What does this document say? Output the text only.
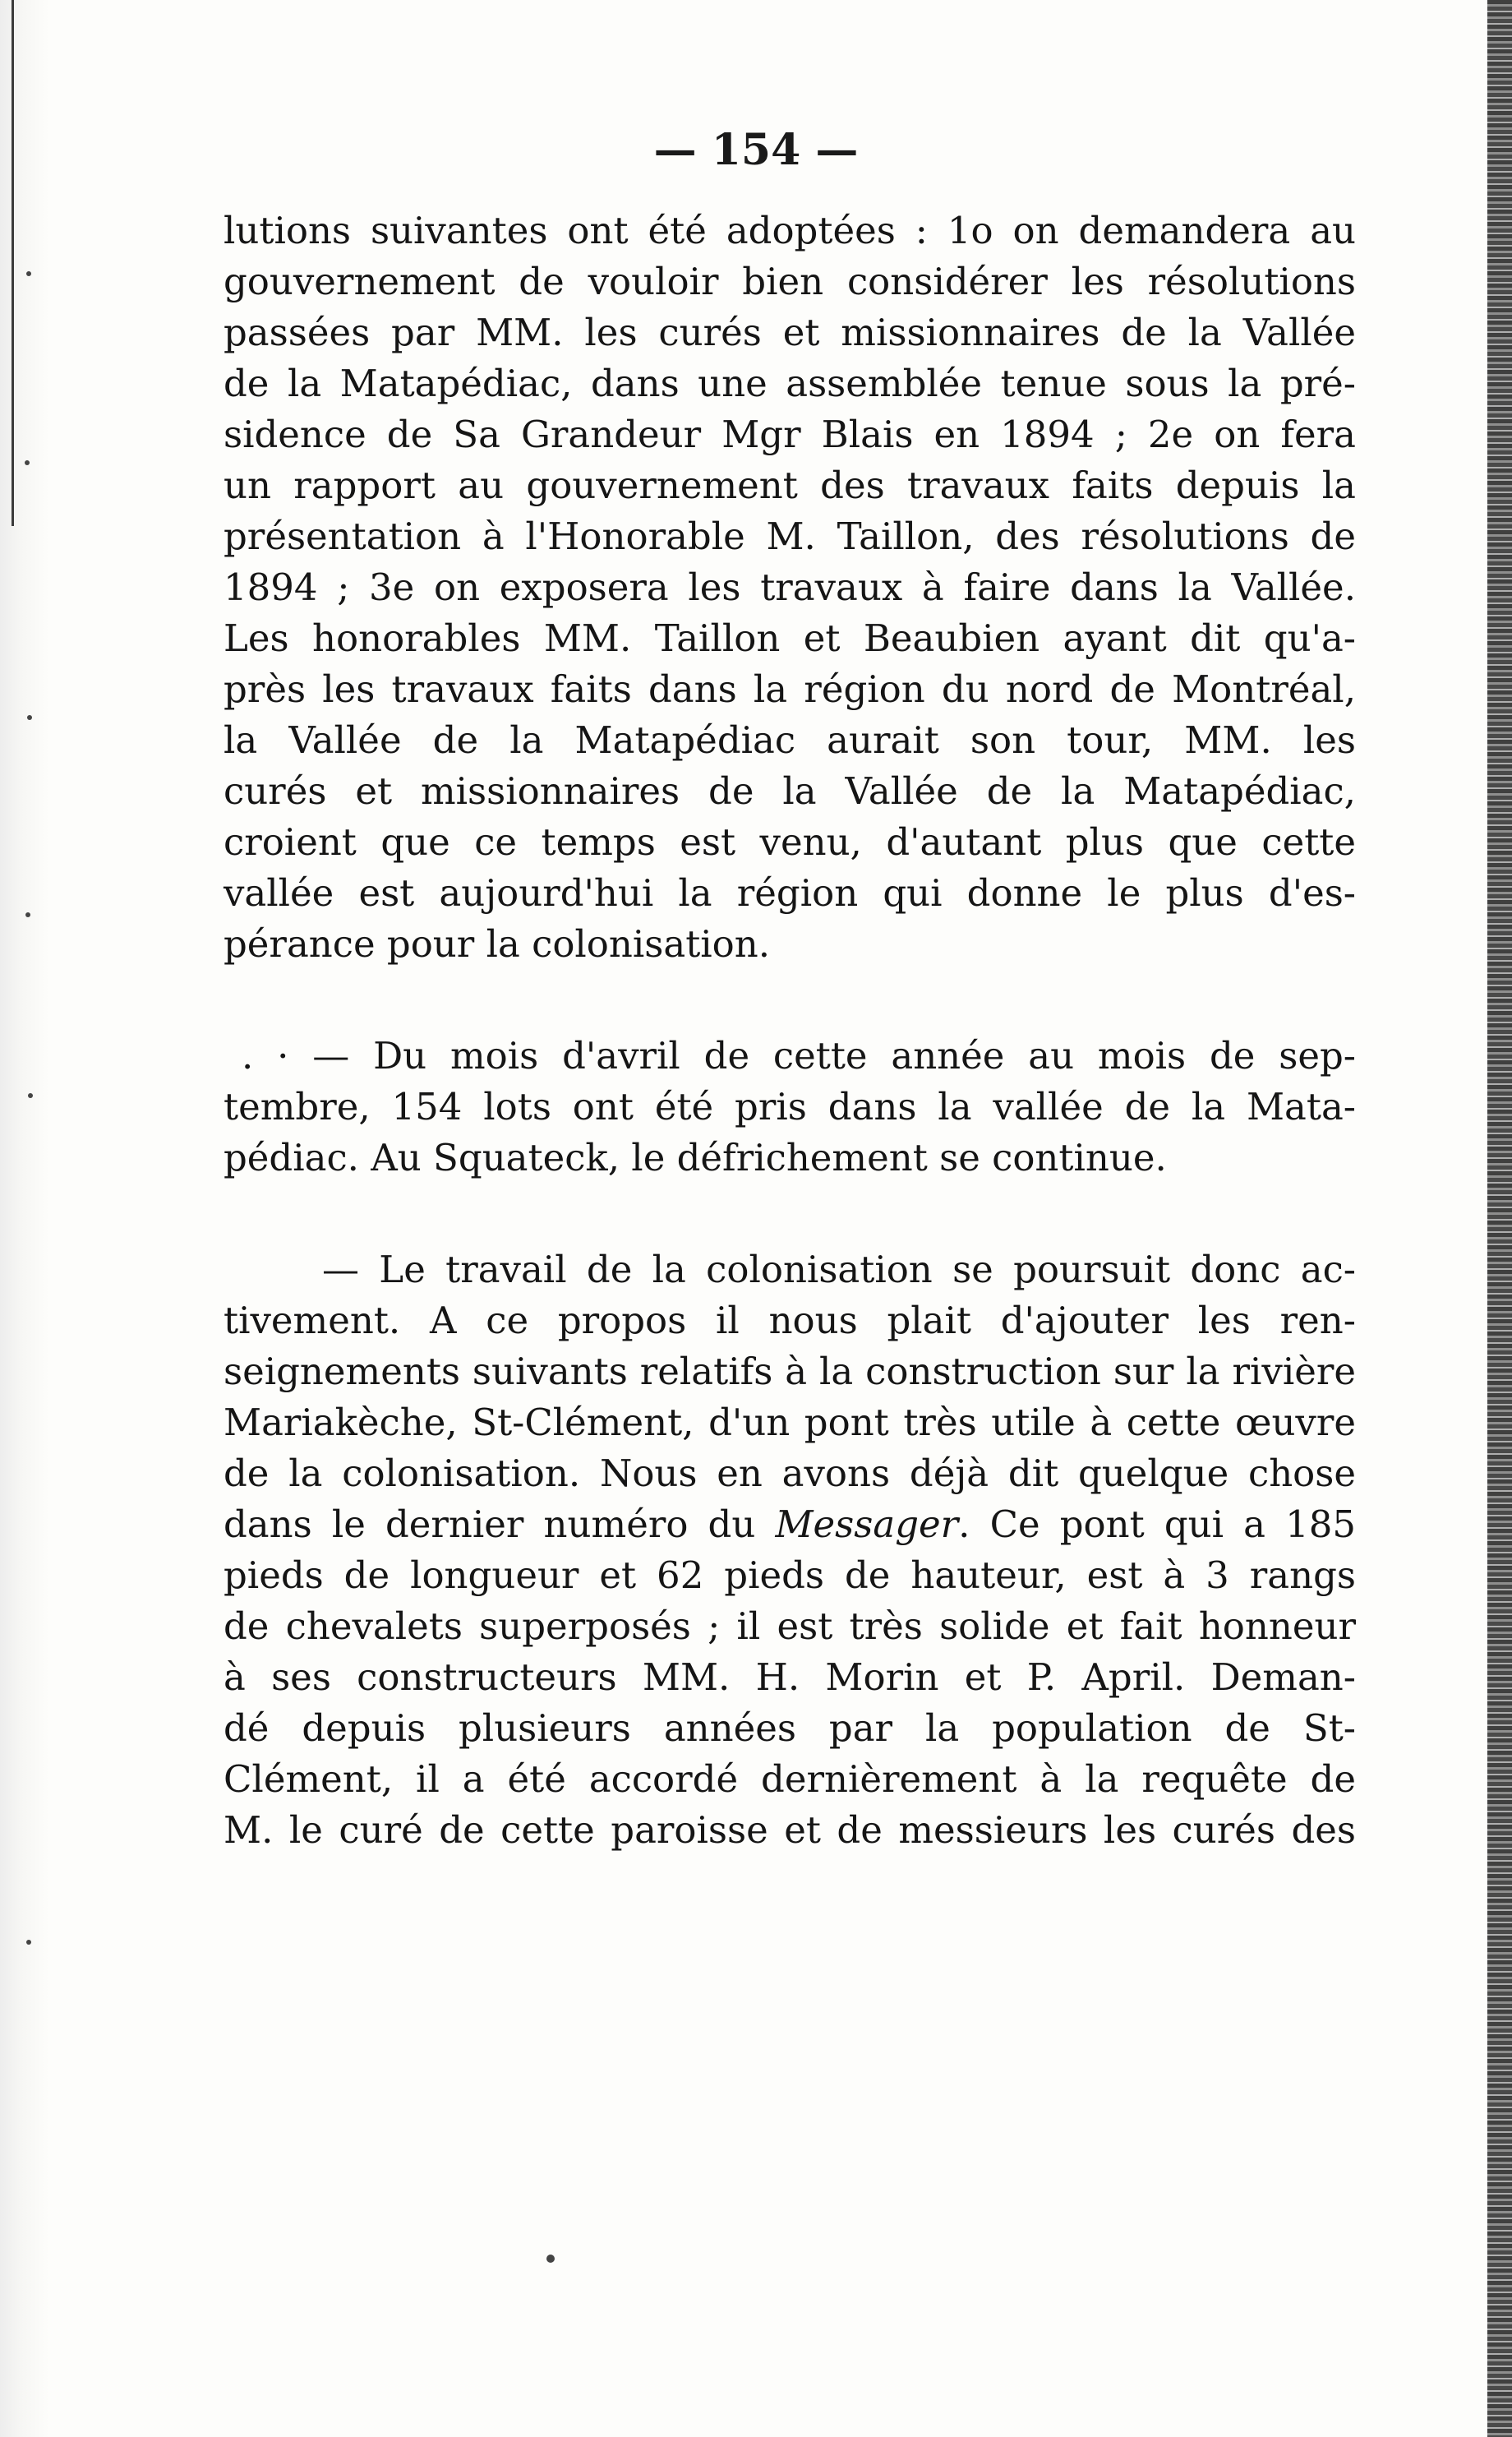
— 154 —
lutions suivantes ont été adoptées : 1o on demandera au
gouvernement de vouloir bien considérer les résolutions
passées par MM. les curés et missionnaires de la Vallée
de la Matapédiac, dans une assemblée tenue sous la pré-
sidence de Sa Grandeur Mgr Blais en 1894 ; 2e on fera
un rapport au gouvernement des travaux faits depuis la
présentation à l'Honorable M. Taillon, des résolutions de
1894 ; 3e on exposera les travaux à faire dans la Vallée.
Les honorables MM. Taillon et Beaubien ayant dit qu'a-
près les travaux faits dans la région du nord de Montréal,
la Vallée de la Matapédiac aurait son tour, MM. les
curés et missionnaires de la Vallée de la Matapédiac,
croient que ce temps est venu, d'autant plus que cette
vallée est aujourd'hui la région qui donne le plus d'es-
pérance pour la colonisation.
. · — Du mois d'avril de cette année au mois de sep-
tembre, 154 lots ont été pris dans la vallée de la Mata-
pédiac. Au Squateck, le défrichement se continue.
— Le travail de la colonisation se poursuit donc ac-
tivement. A ce propos il nous plait d'ajouter les ren-
seignements suivants relatifs à la construction sur la rivière
Mariakèche, St-Clément, d'un pont très utile à cette œuvre
de la colonisation. Nous en avons déjà dit quelque chose
dans le dernier numéro du Messager. Ce pont qui a 185
pieds de longueur et 62 pieds de hauteur, est à 3 rangs
de chevalets superposés ; il est très solide et fait honneur
à ses constructeurs MM. H. Morin et P. April. Deman-
dé depuis plusieurs années par la population de St-
Clément, il a été accordé dernièrement à la requête de
M. le curé de cette paroisse et de messieurs les curés des
